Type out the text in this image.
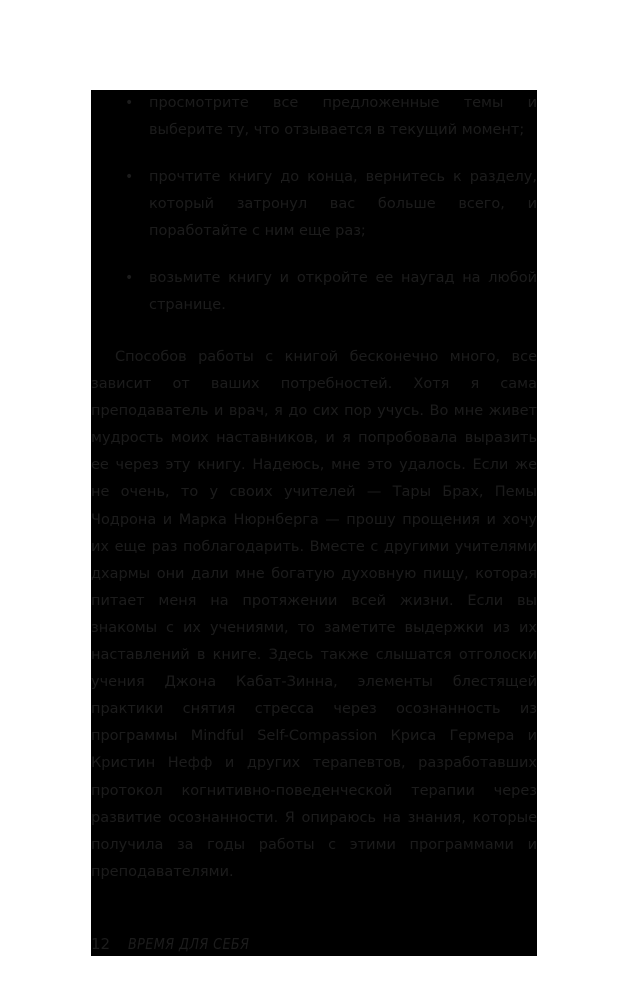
• просмотрите все предложенные темы и выберите ту, что отзывается в текущий момент;
• прочтите книгу до конца, вернитесь к разделу, который затронул вас больше всего, и поработайте с ним еще раз;
• возьмите книгу и откройте ее наугад на любой странице.

Способов работы с книгой бесконечно много, все зависит от ваших потребностей. Хотя я сама преподаватель и врач, я до сих пор учусь. Во мне живет мудрость моих наставников, и я попробовала выразить ее через эту книгу. Надеюсь, мне это удалось. Если же не очень, то у своих учителей — Тары Брах, Пемы Чодрона и Марка Нюрнберга — прошу прощения и хочу их еще раз поблагодарить. Вместе с другими учителями дхармы они дали мне богатую духовную пищу, которая питает меня на протяжении всей жизни. Если вы знакомы с их учениями, то заметите выдержки из их наставлений в книге. Здесь также слышатся отголоски учения Джона Кабат-Зинна, элементы блестящей практики снятия стресса через осознанность из программы Mindful Self-Compassion Криса Гермера и Кристин Нефф и других терапевтов, разработавших протокол когнитивно-поведенческой терапии через развитие осознанности. Я опираюсь на знания, которые получила за годы работы с этими программами и преподавателями.

12 ВРЕМЯ ДЛЯ СЕБЯ
